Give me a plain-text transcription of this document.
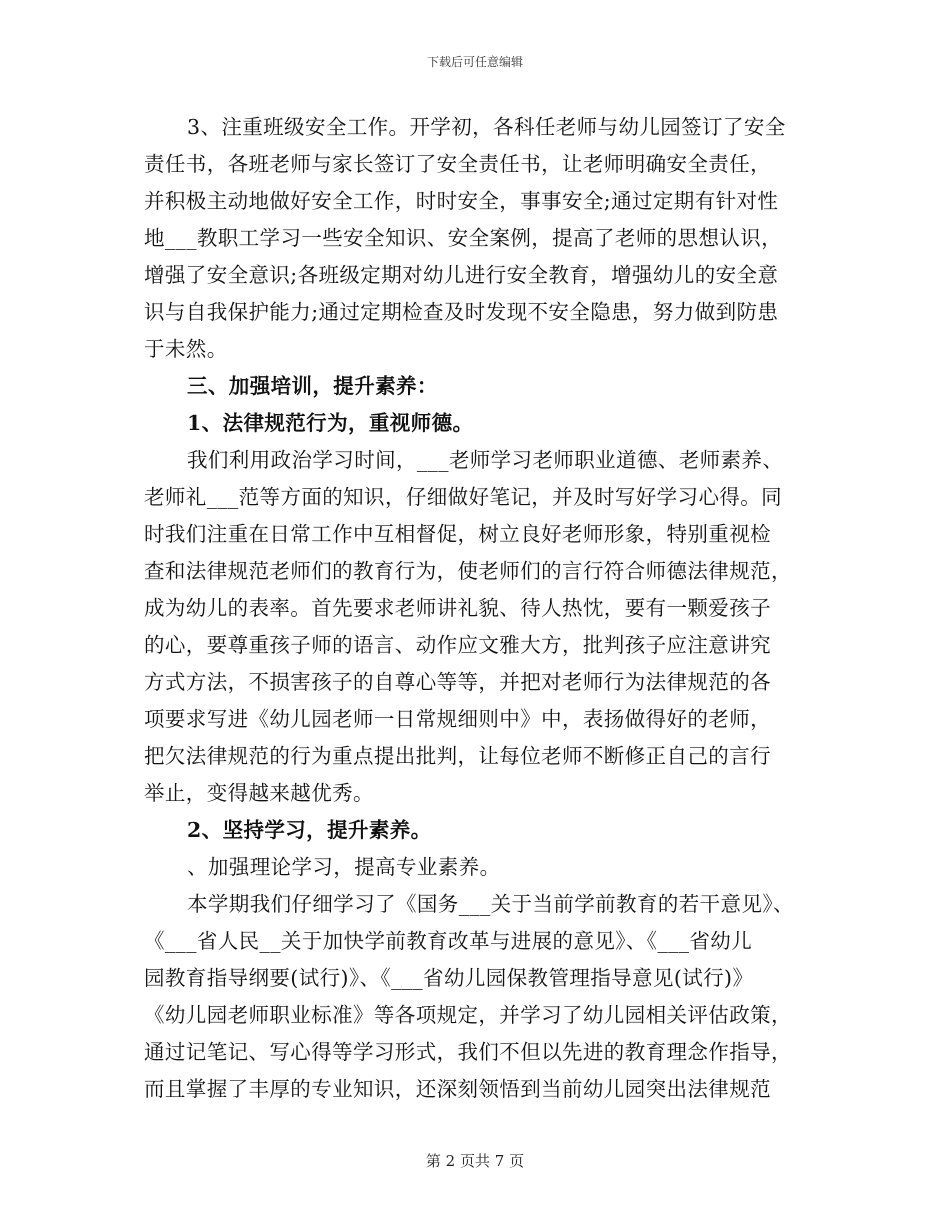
下载后可任意编辑
3、注重班级安全工作。开学初，各科任老师与幼儿园签订了安全
责任书，各班老师与家长签订了安全责任书，让老师明确安全责任，
并积极主动地做好安全工作，时时安全，事事安全;通过定期有针对性
地___教职工学习一些安全知识、安全案例，提高了老师的思想认识，
增强了安全意识;各班级定期对幼儿进行安全教育，增强幼儿的安全意
识与自我保护能力;通过定期检查及时发现不安全隐患，努力做到防患
于未然。
三、加强培训，提升素养：
1、法律规范行为，重视师德。
我们利用政治学习时间，___老师学习老师职业道德、老师素养、
老师礼___范等方面的知识，仔细做好笔记，并及时写好学习心得。同
时我们注重在日常工作中互相督促，树立良好老师形象，特别重视检
查和法律规范老师们的教育行为，使老师们的言行符合师德法律规范，
成为幼儿的表率。首先要求老师讲礼貌、待人热忱，要有一颗爱孩子
的心，要尊重孩子师的语言、动作应文雅大方，批判孩子应注意讲究
方式方法，不损害孩子的自尊心等等，并把对老师行为法律规范的各
项要求写进《幼儿园老师一日常规细则中》中，表扬做得好的老师，
把欠法律规范的行为重点提出批判，让每位老师不断修正自己的言行
举止，变得越来越优秀。
2、坚持学习，提升素养。
、加强理论学习，提高专业素养。
本学期我们仔细学习了《国务___关于当前学前教育的若干意见》、
《___省人民__关于加快学前教育改革与进展的意见》、《___省幼儿
园教育指导纲要(试行)》、《___省幼儿园保教管理指导意见(试行)》
《幼儿园老师职业标准》等各项规定，并学习了幼儿园相关评估政策，
通过记笔记、写心得等学习形式，我们不但以先进的教育理念作指导，
而且掌握了丰厚的专业知识，还深刻领悟到当前幼儿园突出法律规范
第 2 页共 7 页
